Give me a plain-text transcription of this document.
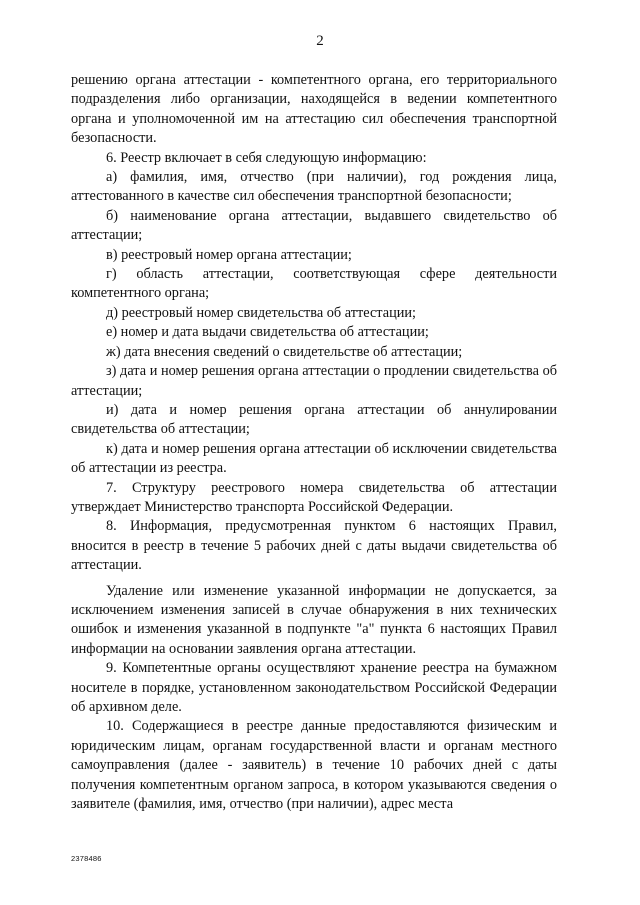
2

решению органа аттестации - компетентного органа, его территориального подразделения либо организации, находящейся в ведении компетентного органа и уполномоченной им на аттестацию сил обеспечения транспортной безопасности.

6. Реестр включает в себя следующую информацию:

а) фамилия, имя, отчество (при наличии), год рождения лица, аттестованного в качестве сил обеспечения транспортной безопасности;

б) наименование органа аттестации, выдавшего свидетельство об аттестации;

в) реестровый номер органа аттестации;

г) область аттестации, соответствующая сфере деятельности компетентного органа;

д) реестровый номер свидетельства об аттестации;

е) номер и дата выдачи свидетельства об аттестации;

ж) дата внесения сведений о свидетельстве об аттестации;

з) дата и номер решения органа аттестации о продлении свидетельства об аттестации;

и) дата и номер решения органа аттестации об аннулировании свидетельства об аттестации;

к) дата и номер решения органа аттестации об исключении свидетельства об аттестации из реестра.

7. Структуру реестрового номера свидетельства об аттестации утверждает Министерство транспорта Российской Федерации.

8. Информация, предусмотренная пунктом 6 настоящих Правил, вносится в реестр в течение 5 рабочих дней с даты выдачи свидетельства об аттестации.

Удаление или изменение указанной информации не допускается, за исключением изменения записей в случае обнаружения в них технических ошибок и изменения указанной в подпункте "а" пункта 6 настоящих Правил информации на основании заявления органа аттестации.

9. Компетентные органы осуществляют хранение реестра на бумажном носителе в порядке, установленном законодательством Российской Федерации об архивном деле.

10. Содержащиеся в реестре данные предоставляются физическим и юридическим лицам, органам государственной власти и органам местного самоуправления (далее - заявитель) в течение 10 рабочих дней с даты получения компетентным органом запроса, в котором указываются сведения о заявителе (фамилия, имя, отчество (при наличии), адрес места

2378486
